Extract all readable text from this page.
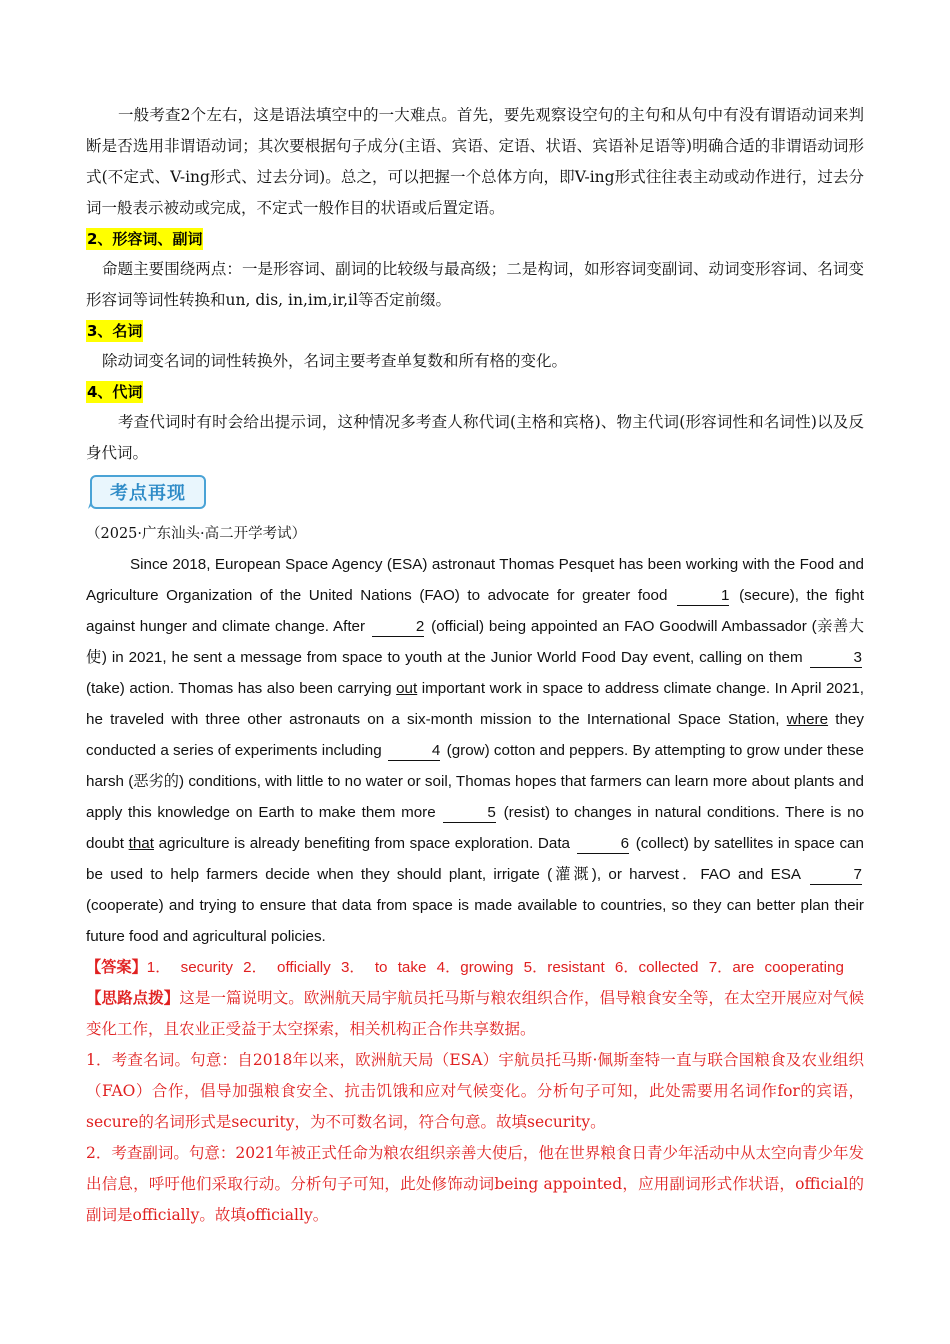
一般考查2个左右，这是语法填空中的一大难点。首先，要先观察设空句的主句和从句中有没有谓语动词来判断是否选用非谓语动词；其次要根据句子成分(主语、宾语、定语、状语、宾语补足语等)明确合适的非谓语动词形式(不定式、V-ing形式、过去分词)。总之，可以把握一个总体方向，即V-ing形式往往表主动或动作进行，过去分词一般表示被动或完成，不定式一般作目的状语或后置定语。

2、形容词、副词

命题主要围绕两点：一是形容词、副词的比较级与最高级；二是构词，如形容词变副词、动词变形容词、名词变形容词等词性转换和un, dis, in,im,ir,il等否定前缀。

3、名词

除动词变名词的词性转换外，名词主要考查单复数和所有格的变化。

4、代词

考查代词时有时会给出提示词，这种情况多考查人称代词(主格和宾格)、物主代词(形容词性和名词性)以及反身代词。

考点再现
（2025·广东汕头·高二开学考试）

Since 2018, European Space Agency (ESA) astronaut Thomas Pesquet has been working with the Food and Agriculture Organization of the United Nations (FAO) to advocate for greater food	1 (secure), the fight against hunger and climate change. After	2 (official) being appointed an FAO Goodwill Ambassador (亲善大使) in 2021, he sent a message from space to youth at the Junior World Food Day event, calling on them	3 (take) action. Thomas has also been carrying out important work in space to address climate change. In April 2021, he traveled with three other astronauts on a six-month mission to the International Space Station, where they conducted a series of experiments including	4 (grow) cotton and peppers. By attempting to grow under these harsh (恶劣的) conditions, with little to no water or soil, Thomas hopes that farmers can learn more about plants and apply this knowledge on Earth to make them more	5 (resist) to changes in natural conditions. There is no doubt that agriculture is already benefiting from space exploration. Data	6 (collect) by satellites in space can be used to help farmers decide when they should plant, irrigate (灌溉), or harvest．FAO and ESA	7 (cooperate) and trying to ensure that data from space is made available to countries, so they can better plan their future food and agricultural policies.

【答案】1． security 2． officially 3． to take 4．growing 5．resistant 6．collected 7．are cooperating

【思路点拨】这是一篇说明文。欧洲航天局宇航员托马斯与粮农组织合作，倡导粮食安全等，在太空开展应对气候变化工作，且农业正受益于太空探索，相关机构正合作共享数据。

1．考查名词。句意：自2018年以来，欧洲航天局（ESA）宇航员托马斯·佩斯奎特一直与联合国粮食及农业组织（FAO）合作，倡导加强粮食安全、抗击饥饿和应对气候变化。分析句子可知，此处需要用名词作for的宾语，secure的名词形式是security，为不可数名词，符合句意。故填security。

2．考查副词。句意：2021年被正式任命为粮农组织亲善大使后，他在世界粮食日青少年活动中从太空向青少年发出信息，呼吁他们采取行动。分析句子可知，此处修饰动词being appointed，应用副词形式作状语，official的副词是officially。故填officially。
